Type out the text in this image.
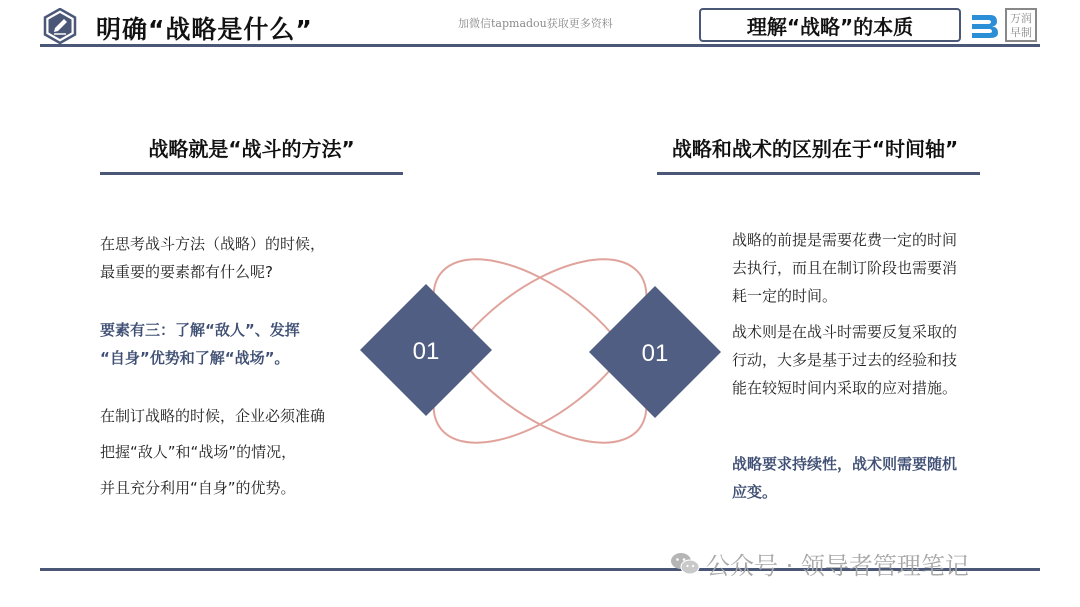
明确“战略是什么”	加微信tapmadou获取更多资料	理解“战略”的本质	万润
早制
战略就是“战斗的方法”
在思考战斗方法（战略）的时候，
最重要的要素都有什么呢?
要素有三：了解“敌人”、发挥
“自身”优势和了解“战场”。
在制订战略的时候，企业必须准确
把握“敌人”和“战场”的情况，
并且充分利用“自身”的优势。
01	01
战略和战术的区别在于“时间轴”
战略的前提是需要花费一定的时间
去执行，而且在制订阶段也需要消
耗一定的时间。
战术则是在战斗时需要反复采取的
行动，大多是基于过去的经验和技
能在较短时间内采取的应对措施。
战略要求持续性，战术则需要随机
应变。
公众号 · 领导者管理笔记
